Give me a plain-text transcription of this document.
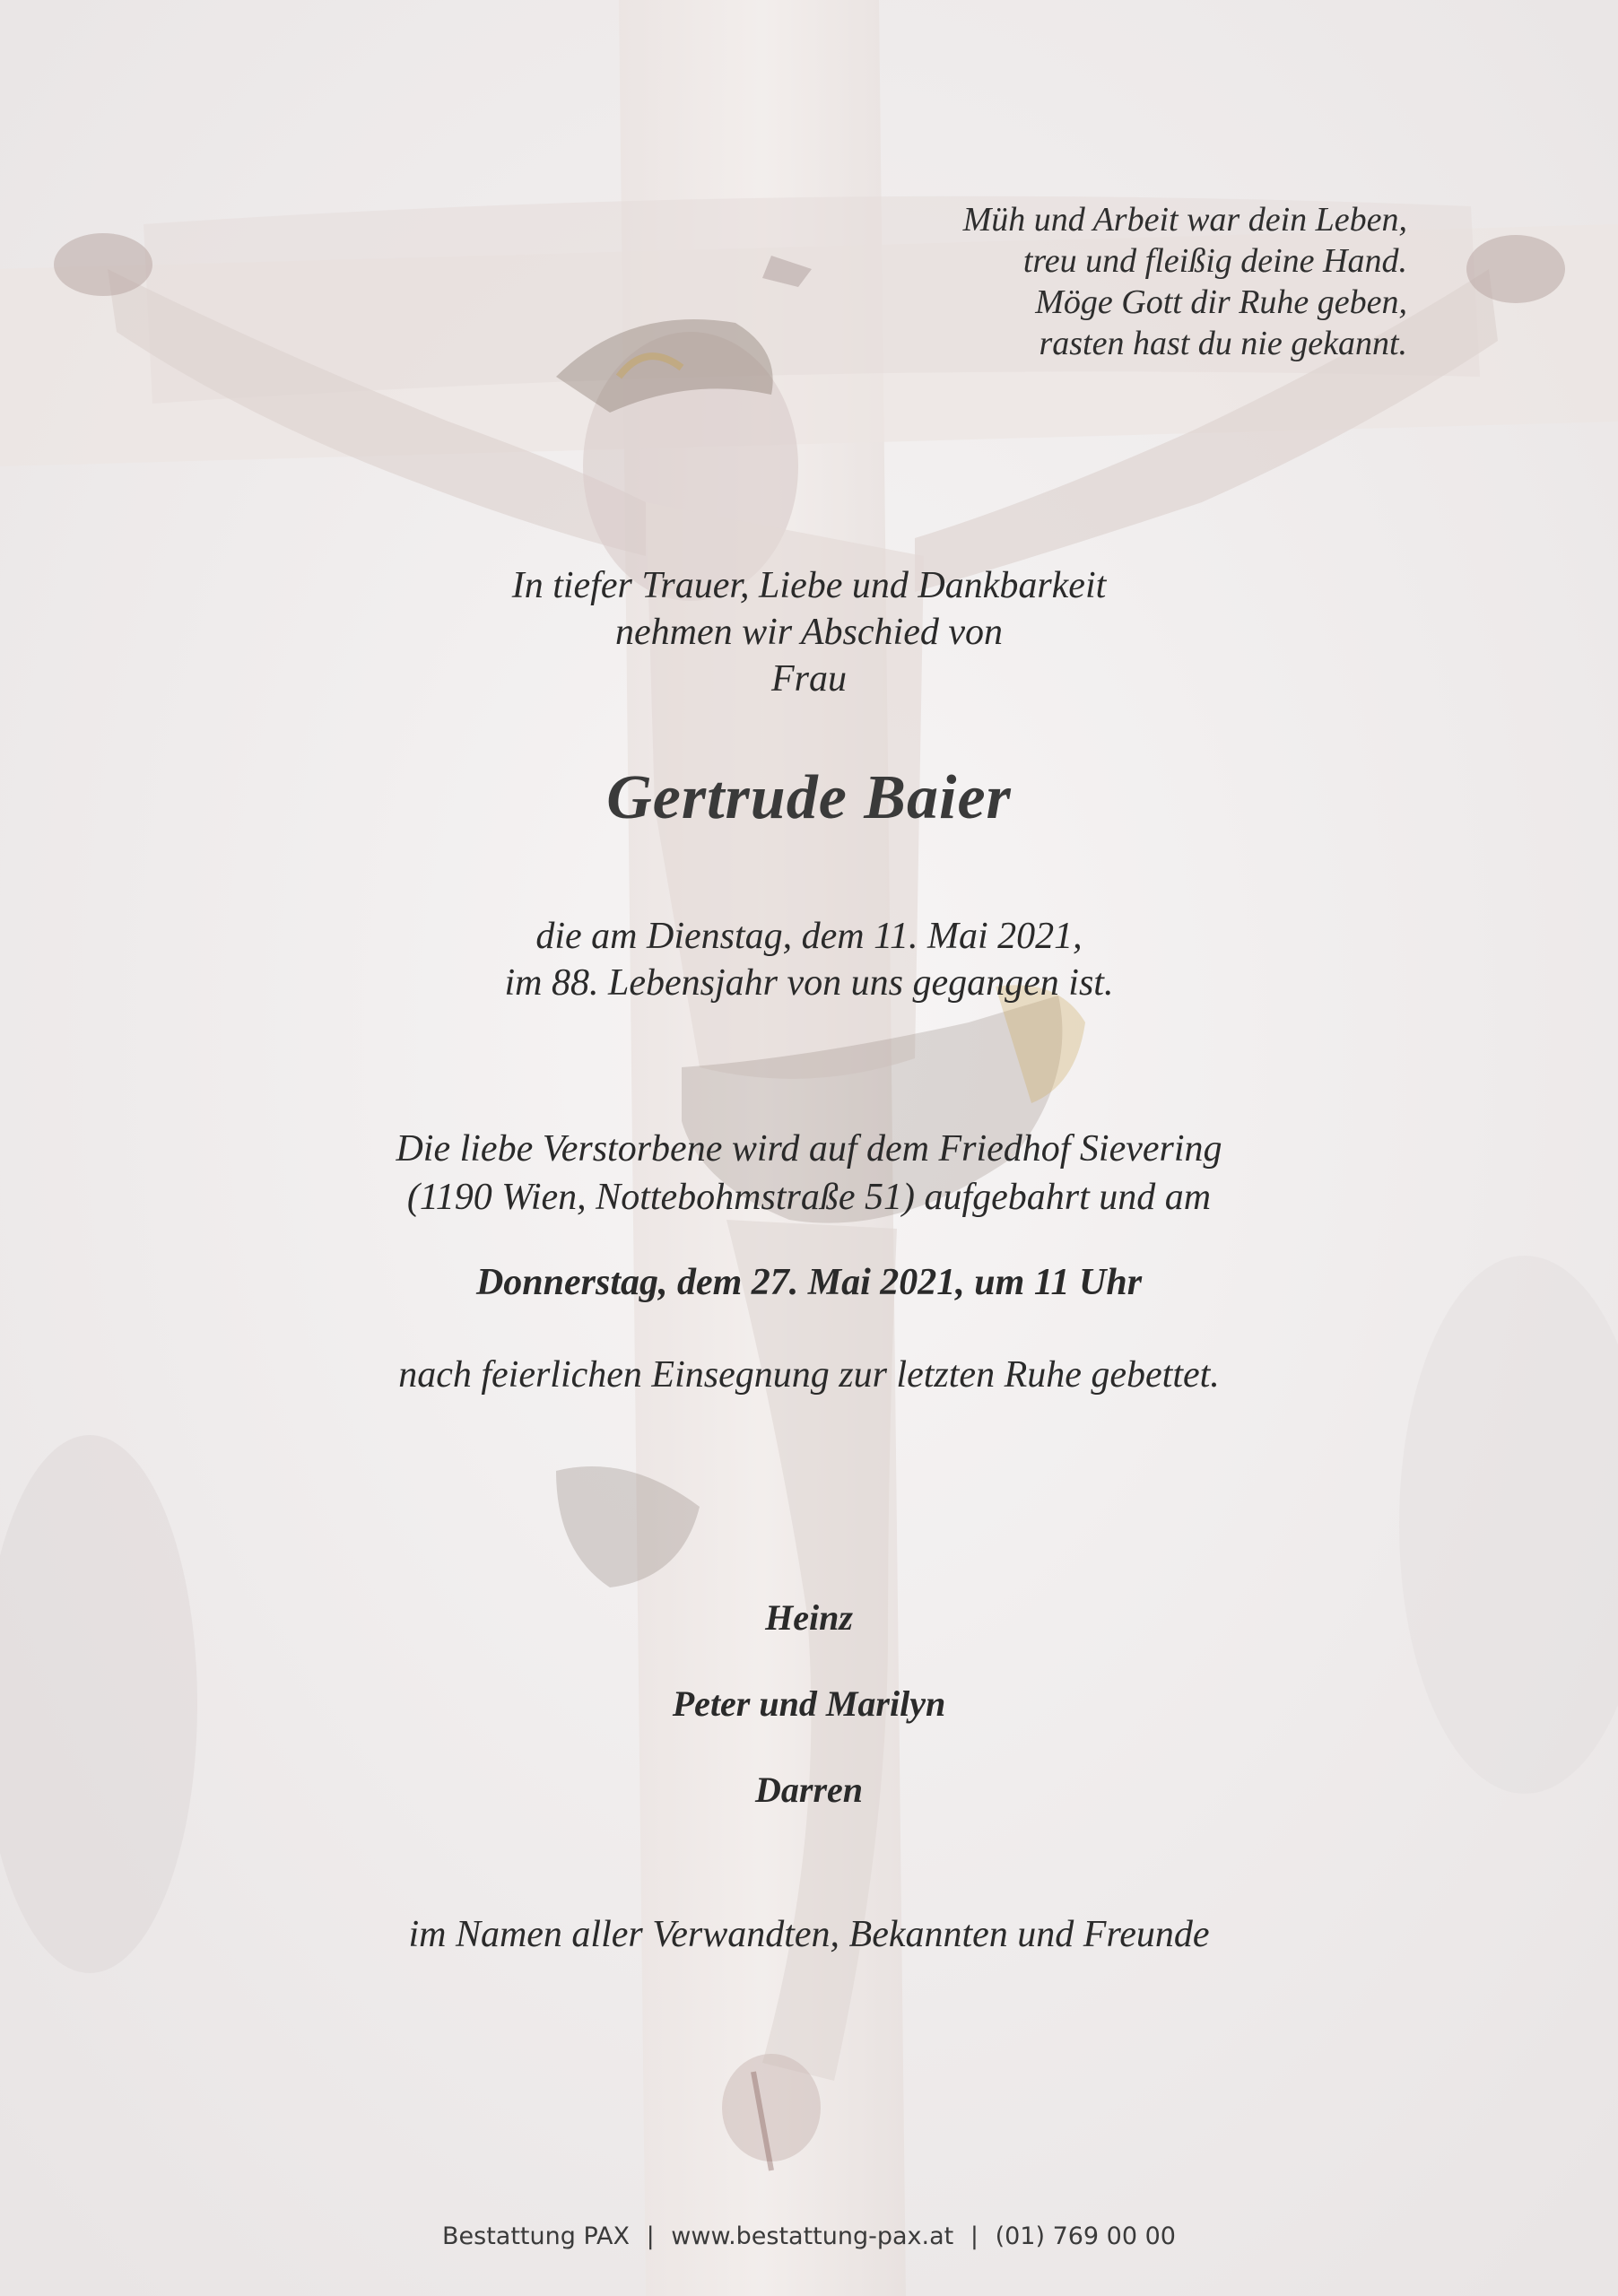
Müh und Arbeit war dein Leben,
treu und fleißig deine Hand.
Möge Gott dir Ruhe geben,
rasten hast du nie gekannt.
In tiefer Trauer, Liebe und Dankbarkeit
nehmen wir Abschied von
Frau
Gertrude Baier
die am Dienstag, dem 11. Mai 2021,
im 88. Lebensjahr von uns gegangen ist.
Die liebe Verstorbene wird auf dem Friedhof Sievering
(1190 Wien, Nottebohmstraße 51) aufgebahrt und am
Donnerstag, dem 27. Mai 2021, um 11 Uhr
nach feierlichen Einsegnung zur letzten Ruhe gebettet.
Heinz
Peter und Marilyn
Darren
im Namen aller Verwandten, Bekannten und Freunde
Bestattung PAX | www.bestattung-pax.at | (01) 769 00 00
